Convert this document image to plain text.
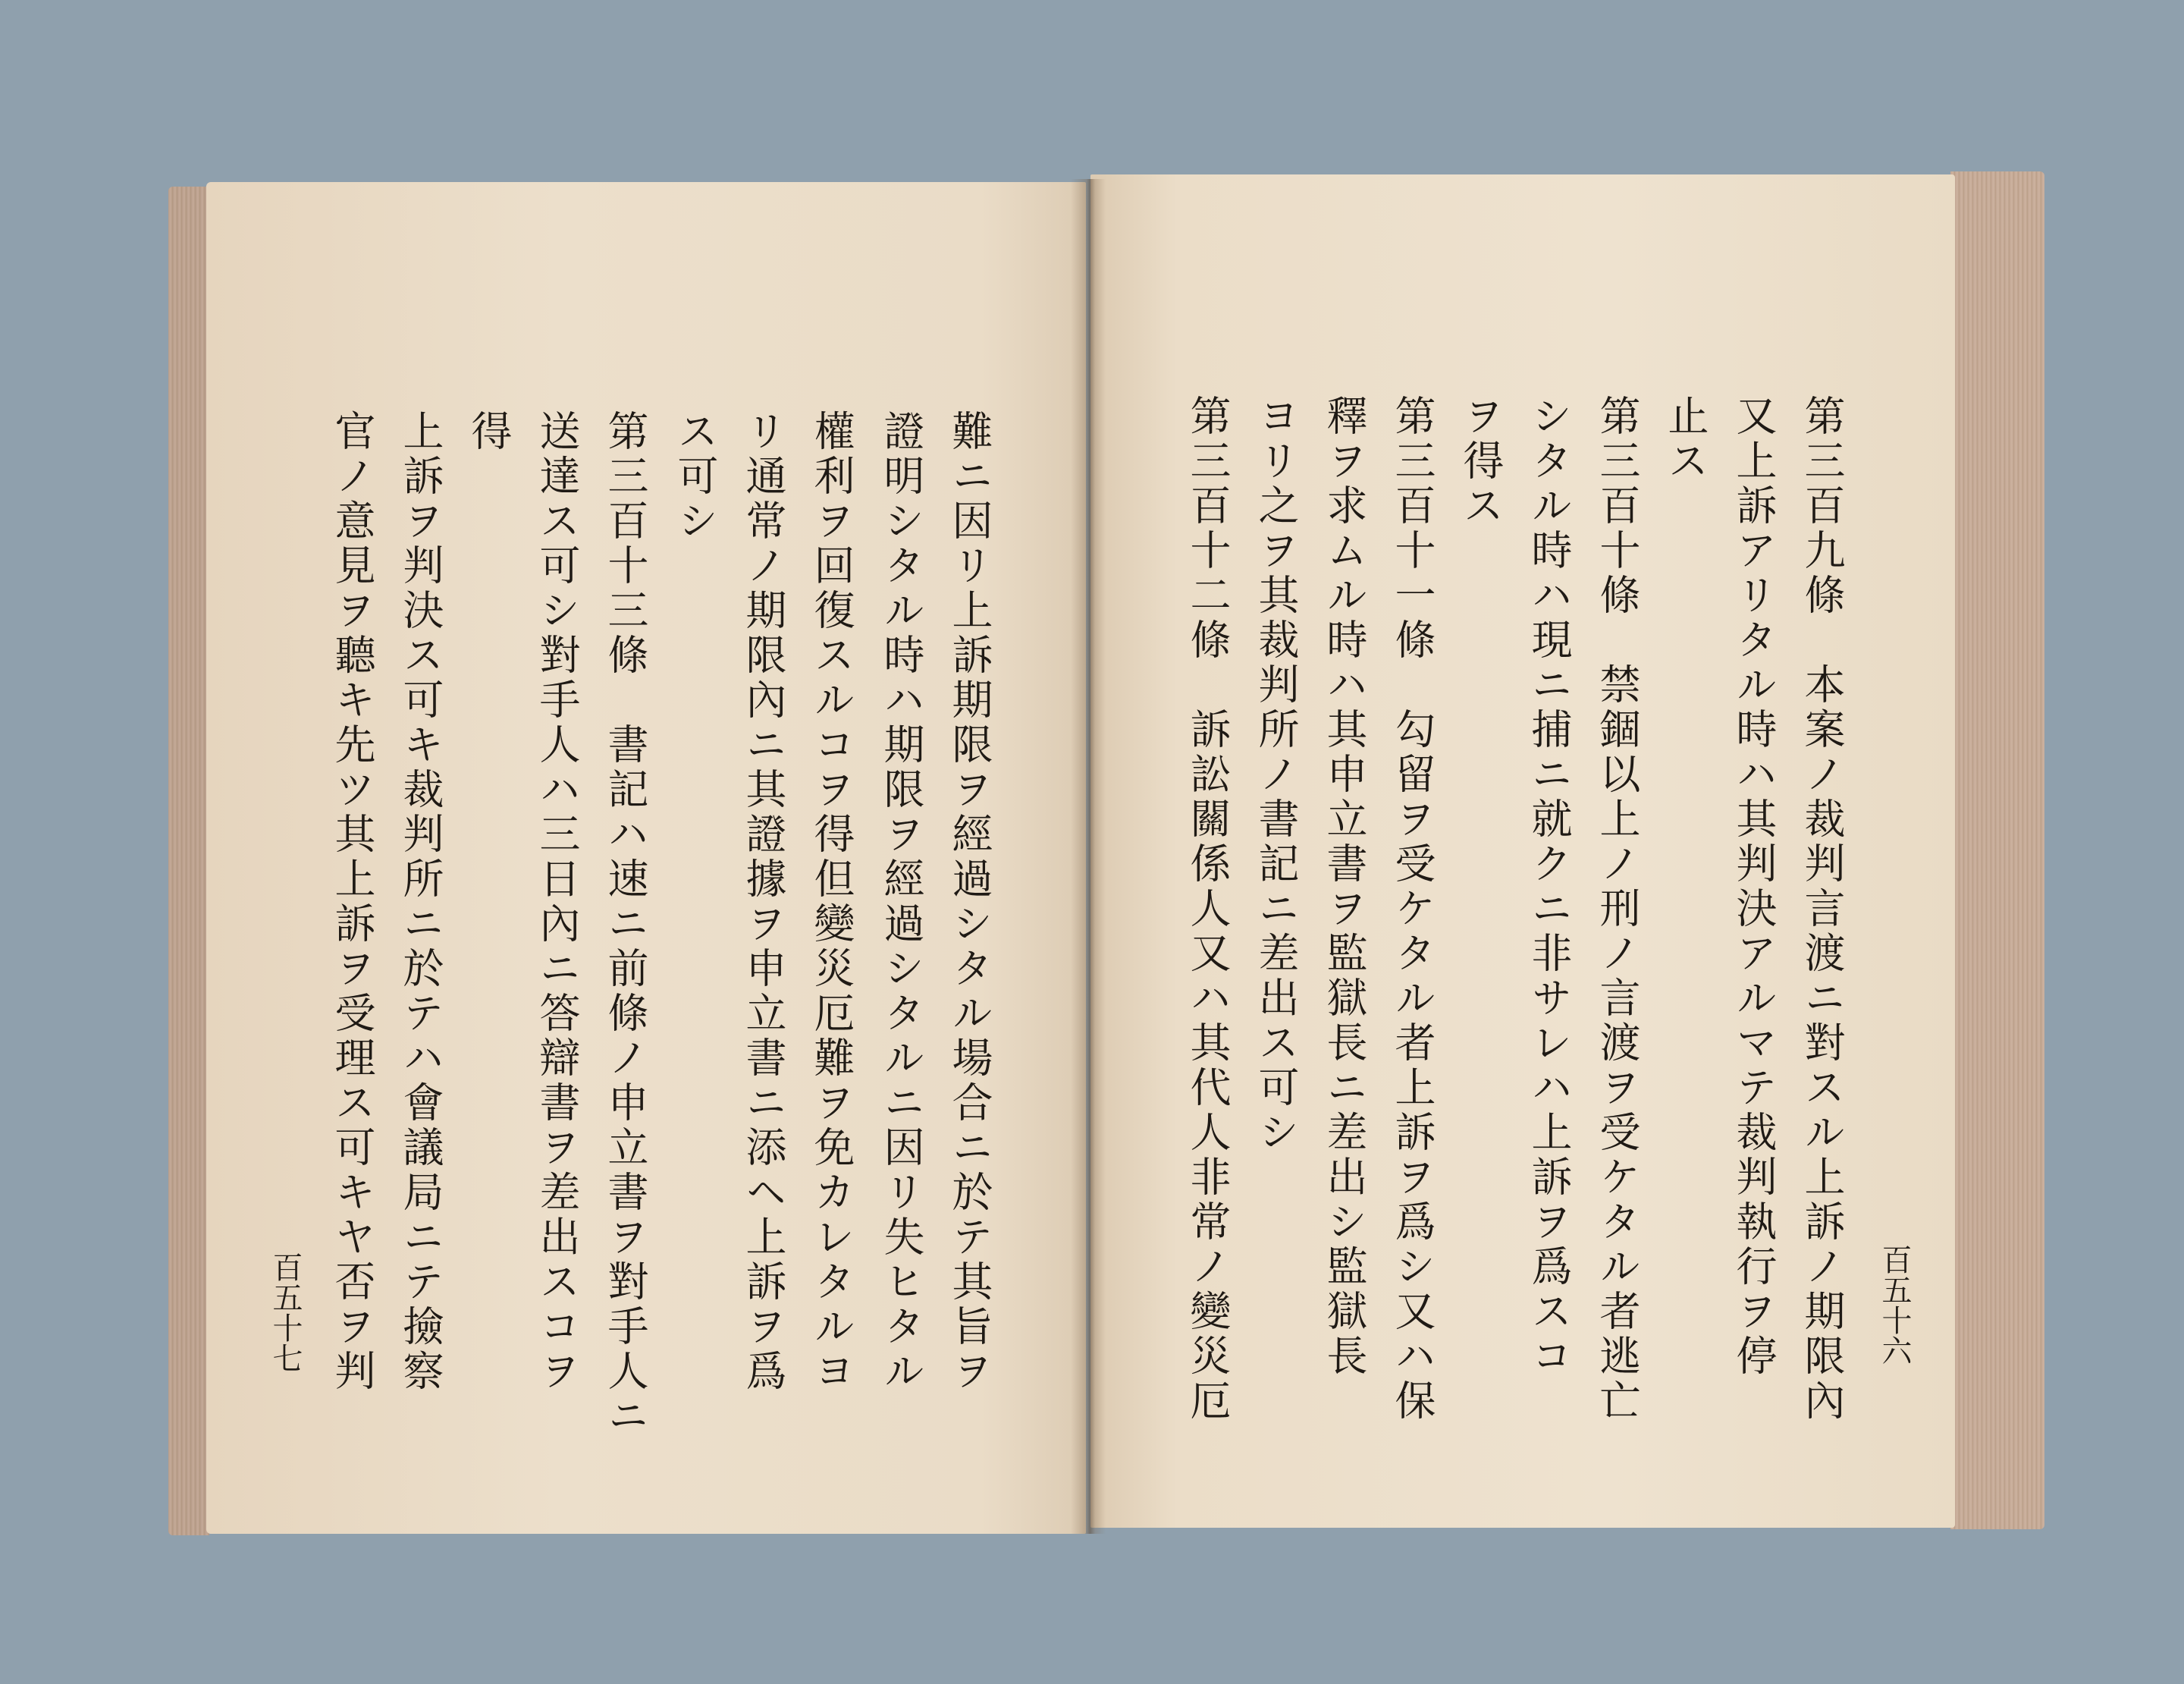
第三百九條　本案ノ裁判言渡ニ對スル上訴ノ期限內
又上訴アリタル時ハ其判決アルマテ裁判執行ヲ停
止ス
第三百十條　禁錮以上ノ刑ノ言渡ヲ受ケタル者逃亡
シタル時ハ現ニ捕ニ就クニ非サレハ上訴ヲ爲スコ
ヲ得ス
第三百十一條　勾留ヲ受ケタル者上訴ヲ爲シ又ハ保
釋ヲ求ムル時ハ其申立書ヲ監獄長ニ差出シ監獄長
ヨリ之ヲ其裁判所ノ書記ニ差出ス可シ
第三百十二條　訴訟關係人又ハ其代人非常ノ變災厄	百五十六
難ニ因リ上訴期限ヲ經過シタル場合ニ於テ其旨ヲ
證明シタル時ハ期限ヲ經過シタルニ因リ失ヒタル
權利ヲ回復スルコヲ得但變災厄難ヲ免カレタルヨ
リ通常ノ期限內ニ其證據ヲ申立書ニ添ヘ上訴ヲ爲
ス可シ
第三百十三條　書記ハ速ニ前條ノ申立書ヲ對手人ニ
送達ス可シ對手人ハ三日內ニ答辯書ヲ差出スコヲ
得
上訴ヲ判決ス可キ裁判所ニ於テハ會議局ニテ撿察
官ノ意見ヲ聽キ先ツ其上訴ヲ受理ス可キヤ否ヲ判
百五十七
